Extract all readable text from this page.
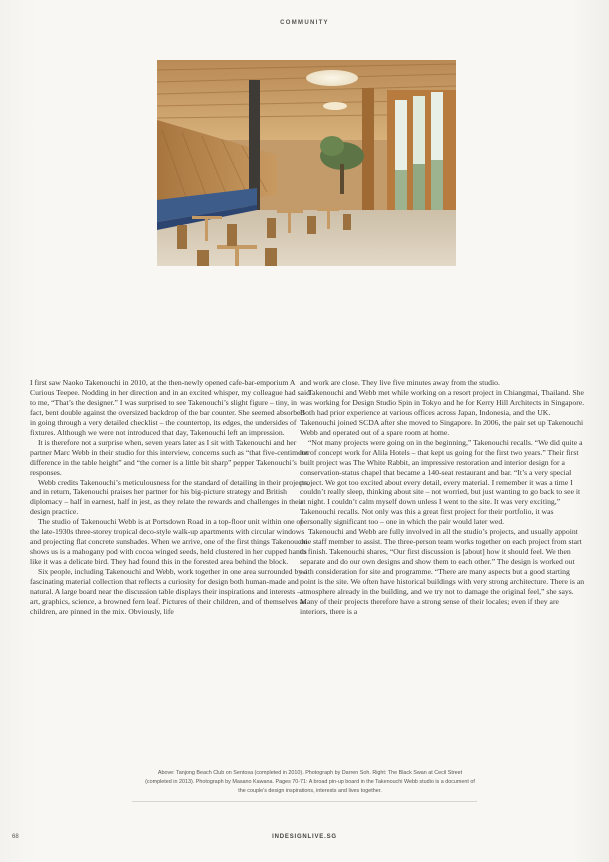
COMMUNITY

I first saw Naoko Takenouchi in 2010, at the then-newly opened cafe-bar-emporium A Curious Teepee. Nodding in her direction and in an excited whisper, my colleague had said to me, “That’s the designer.” I was surprised to see Takenouchi’s slight figure – tiny, in fact, bent double against the oversized backdrop of the bar counter. She seemed absorbed in going through a very detailed checklist – the countertop, its edges, the undersides of fixtures. Although we were not introduced that day, Takenouchi left an impression.

It is therefore not a surprise when, seven years later as I sit with Takenouchi and her partner Marc Webb in their studio for this interview, concerns such as “that five-centimeter difference in the table height” and “the corner is a little bit sharp” pepper Takenouchi’s responses.

Webb credits Takenouchi’s meticulousness for the standard of detailing in their projects, and in return, Takenouchi praises her partner for his big-picture strategy and British diplomacy – half in earnest, half in jest, as they relate the rewards and challenges in their design practice.

The studio of Takenouchi Webb is at Portsdown Road in a top-floor unit within one of the late-1930s three-storey tropical deco-style walk-up apartments with circular windows and projecting flat concrete sunshades. When we arrive, one of the first things Takenouchi shows us is a mahogany pod with cocoa winged seeds, held clustered in her cupped hands like it was a delicate bird. They had found this in the forested area behind the block.

Six people, including Takenouchi and Webb, work together in one area surrounded by a fascinating material collection that reflects a curiosity for design both human-made and natural. A large board near the discussion table displays their inspirations and interests – art, graphics, science, a browned fern leaf. Pictures of their children, and of themselves as children, are pinned in the mix. Obviously, life

and work are close. They live five minutes away from the studio.

Takenouchi and Webb met while working on a resort project in Chiangmai, Thailand. She was working for Design Studio Spin in Tokyo and he for Kerry Hill Architects in Singapore. Both had prior experience at various offices across Japan, Indonesia, and the UK. Takenouchi joined SCDA after she moved to Singapore. In 2006, the pair set up Takenouchi Webb and operated out of a spare room at home.

“Not many projects were going on in the beginning,” Takenouchi recalls. “We did quite a lot of concept work for Alila Hotels – that kept us going for the first two years.” Their first built project was The White Rabbit, an impressive restoration and interior design for a conservation-status chapel that became a 140-seat restaurant and bar. “It’s a very special project. We got too excited about every detail, every material. I remember it was a time I couldn’t really sleep, thinking about site – not worried, but just wanting to go back to see it at night. I couldn’t calm myself down unless I went to the site. It was very exciting,” Takenouchi recalls. Not only was this a great first project for their portfolio, it was personally significant too – one in which the pair would later wed.

Takenouchi and Webb are fully involved in all the studio’s projects, and usually appoint one staff member to assist. The three-person team works together on each project from start to finish. Takenouchi shares, “Our first discussion is [about] how it should feel. We then separate and do our own designs and show them to each other.” The design is worked out with consideration for site and programme. “There are many aspects but a good starting point is the site. We often have historical buildings with very strong architecture. There is an atmosphere already in the building, and we try not to damage the original feel,” she says. Many of their projects therefore have a strong sense of their locales; even if they are interiors, there is a

Above: Tanjong Beach Club on Sentosa (completed in 2010). Photograph by Darren Soh. Right: The Black Swan at Cecil Street
(completed in 2013). Photograph by Masano Kawana. Pages 70-71: A broad pin-up board in the Takenouchi Webb studio is a document of
the couple’s design inspirations, interests and lives together.
68	INDESIGNLIVE.SG
